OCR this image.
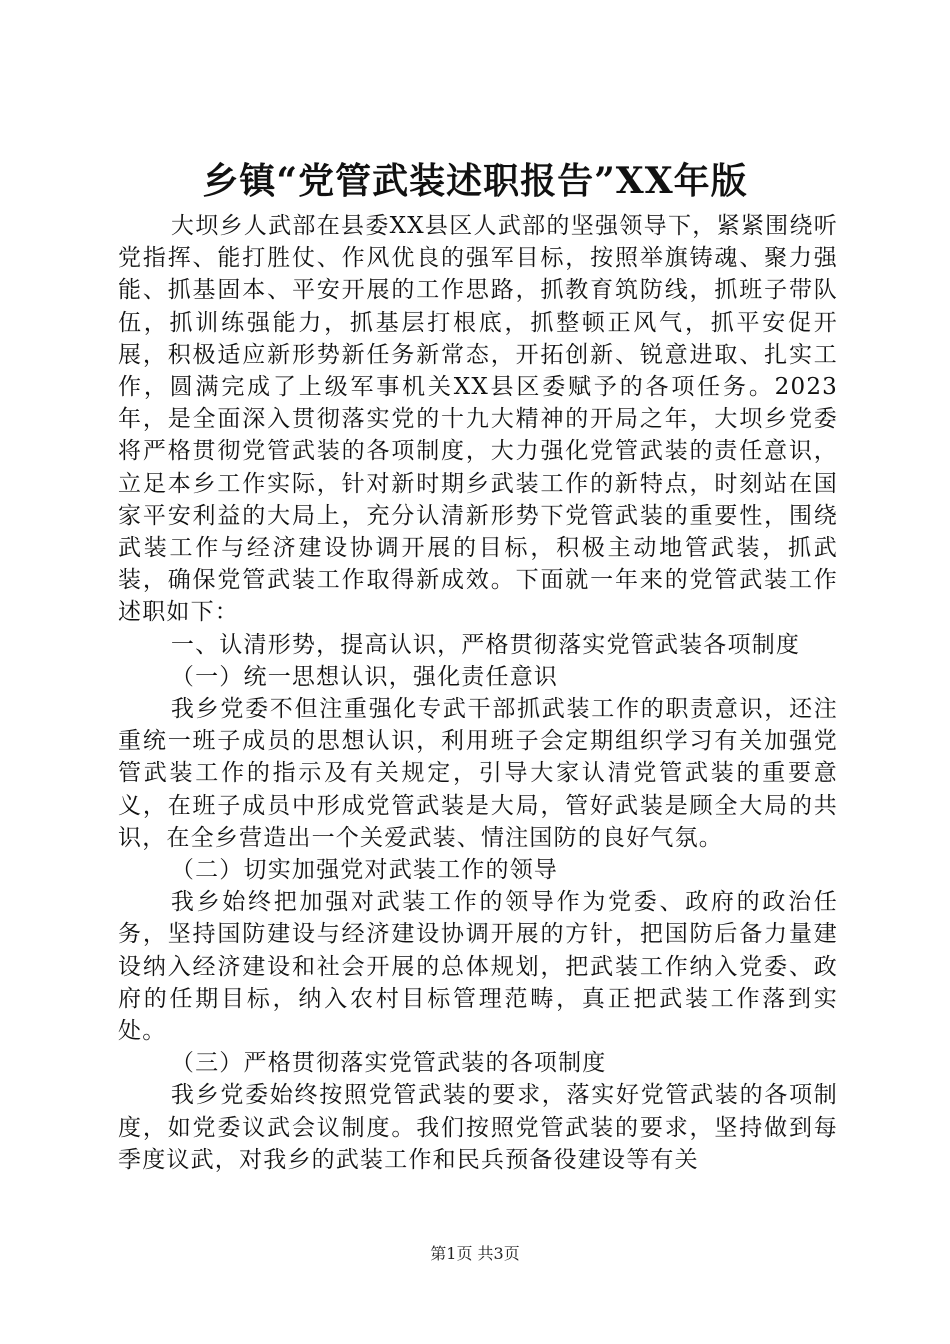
乡镇“党管武装述职报告”XX年版

大坝乡人武部在县委XX县区人武部的坚强领导下，紧紧围绕听党指挥、能打胜仗、作风优良的强军目标，按照举旗铸魂、聚力强能、抓基固本、平安开展的工作思路，抓教育筑防线，抓班子带队伍，抓训练强能力，抓基层打根底，抓整顿正风气，抓平安促开展，积极适应新形势新任务新常态，开拓创新、锐意进取、扎实工作，圆满完成了上级军事机关XX县区委赋予的各项任务。2023年，是全面深入贯彻落实党的十九大精神的开局之年，大坝乡党委将严格贯彻党管武装的各项制度，大力强化党管武装的责任意识，立足本乡工作实际，针对新时期乡武装工作的新特点，时刻站在国家平安利益的大局上，充分认清新形势下党管武装的重要性，围绕武装工作与经济建设协调开展的目标，积极主动地管武装，抓武装，确保党管武装工作取得新成效。下面就一年来的党管武装工作述职如下：

一、认清形势，提高认识，严格贯彻落实党管武装各项制度

（一）统一思想认识，强化责任意识

我乡党委不但注重强化专武干部抓武装工作的职责意识，还注重统一班子成员的思想认识，利用班子会定期组织学习有关加强党管武装工作的指示及有关规定，引导大家认清党管武装的重要意义，在班子成员中形成党管武装是大局，管好武装是顾全大局的共识，在全乡营造出一个关爱武装、情注国防的良好气氛。

（二）切实加强党对武装工作的领导

我乡始终把加强对武装工作的领导作为党委、政府的政治任务，坚持国防建设与经济建设协调开展的方针，把国防后备力量建设纳入经济建设和社会开展的总体规划，把武装工作纳入党委、政府的任期目标，纳入农村目标管理范畴，真正把武装工作落到实处。

（三）严格贯彻落实党管武装的各项制度

我乡党委始终按照党管武装的要求，落实好党管武装的各项制度，如党委议武会议制度。我们按照党管武装的要求，坚持做到每季度议武，对我乡的武装工作和民兵预备役建设等有关

第1页 共3页
